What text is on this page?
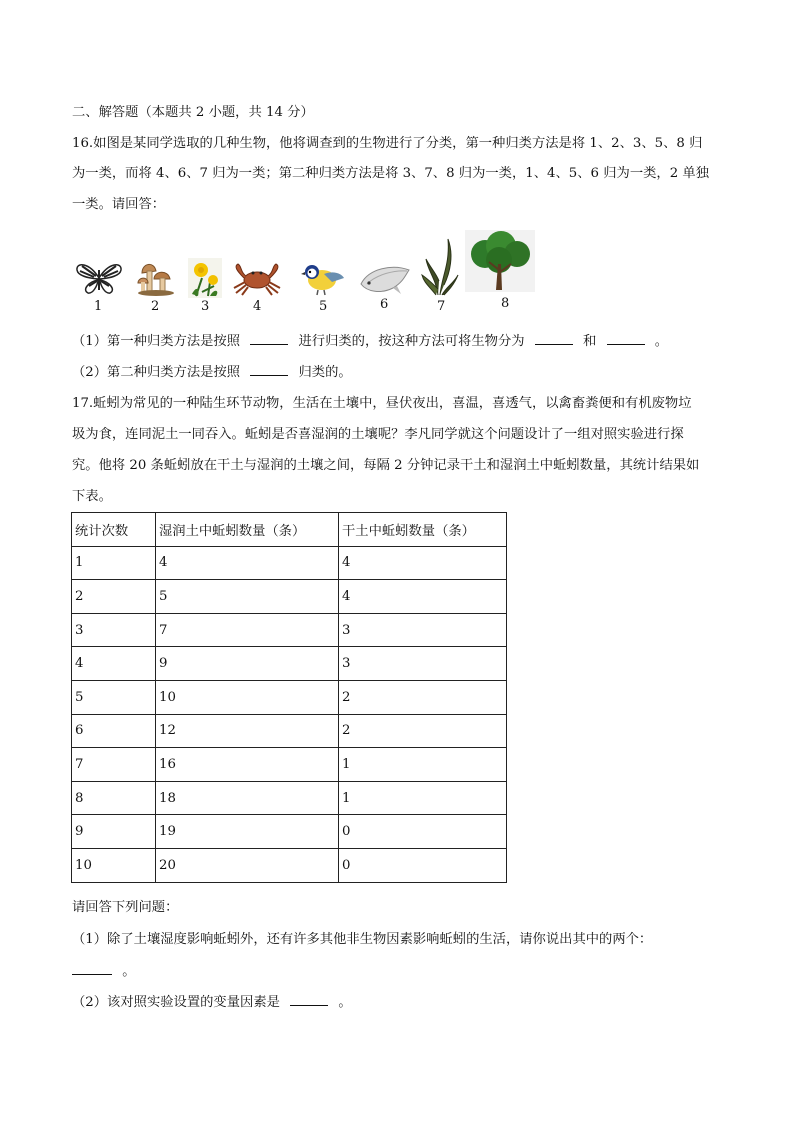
二、解答题（本题共 2 小题，共 14 分）
16.如图是某同学选取的几种生物，他将调查到的生物进行了分类，第一种归类方法是将 1、2、3、5、8 归
为一类，而将 4、6、7 归为一类；第二种归类方法是将 3、7、8 归为一类，1、4、5、6 归为一类，2 单独
一类。请回答：
1	2	3	4	5	6	7	8
（1）第一种归类方法是按照	进行归类的，按这种方法可将生物分为	和	。
（2）第二种归类方法是按照	归类的。
17.蚯蚓为常见的一种陆生环节动物，生活在土壤中，昼伏夜出，喜温，喜透气，以禽畜粪便和有机废物垃
圾为食，连同泥土一同吞入。蚯蚓是否喜湿润的土壤呢？李凡同学就这个问题设计了一组对照实验进行探
究。他将 20 条蚯蚓放在干土与湿润的土壤之间，每隔 2 分钟记录干土和湿润土中蚯蚓数量，其统计结果如
下表。
统计次数	湿润土中蚯蚓数量（条）	干土中蚯蚓数量（条）
1	4	4
2	5	4
3	7	3
4	9	3
5	10	2
6	12	2
7	16	1
8	18	1
9	19	0
10	20	0
请回答下列问题：
（1）除了土壤湿度影响蚯蚓外，还有许多其他非生物因素影响蚯蚓的生活，请你说出其中的两个：
。
（2）该对照实验设置的变量因素是	。
